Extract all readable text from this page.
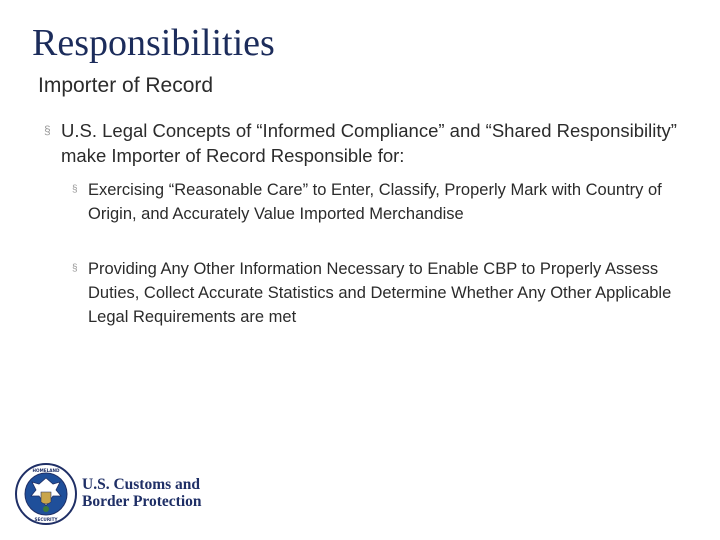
Responsibilities
Importer of Record
§ U.S. Legal Concepts of “Informed Compliance” and “Shared Responsibility” make Importer of Record Responsible for:
§ Exercising “Reasonable Care” to Enter, Classify, Properly Mark with Country of Origin, and Accurately Value Imported Merchandise
§ Providing Any Other Information Necessary to Enable CBP to Properly Assess Duties, Collect Accurate Statistics and Determine Whether Any Other Applicable Legal Requirements are met
HOMELAND
SECURITY
U.S. Customs and
Border Protection
